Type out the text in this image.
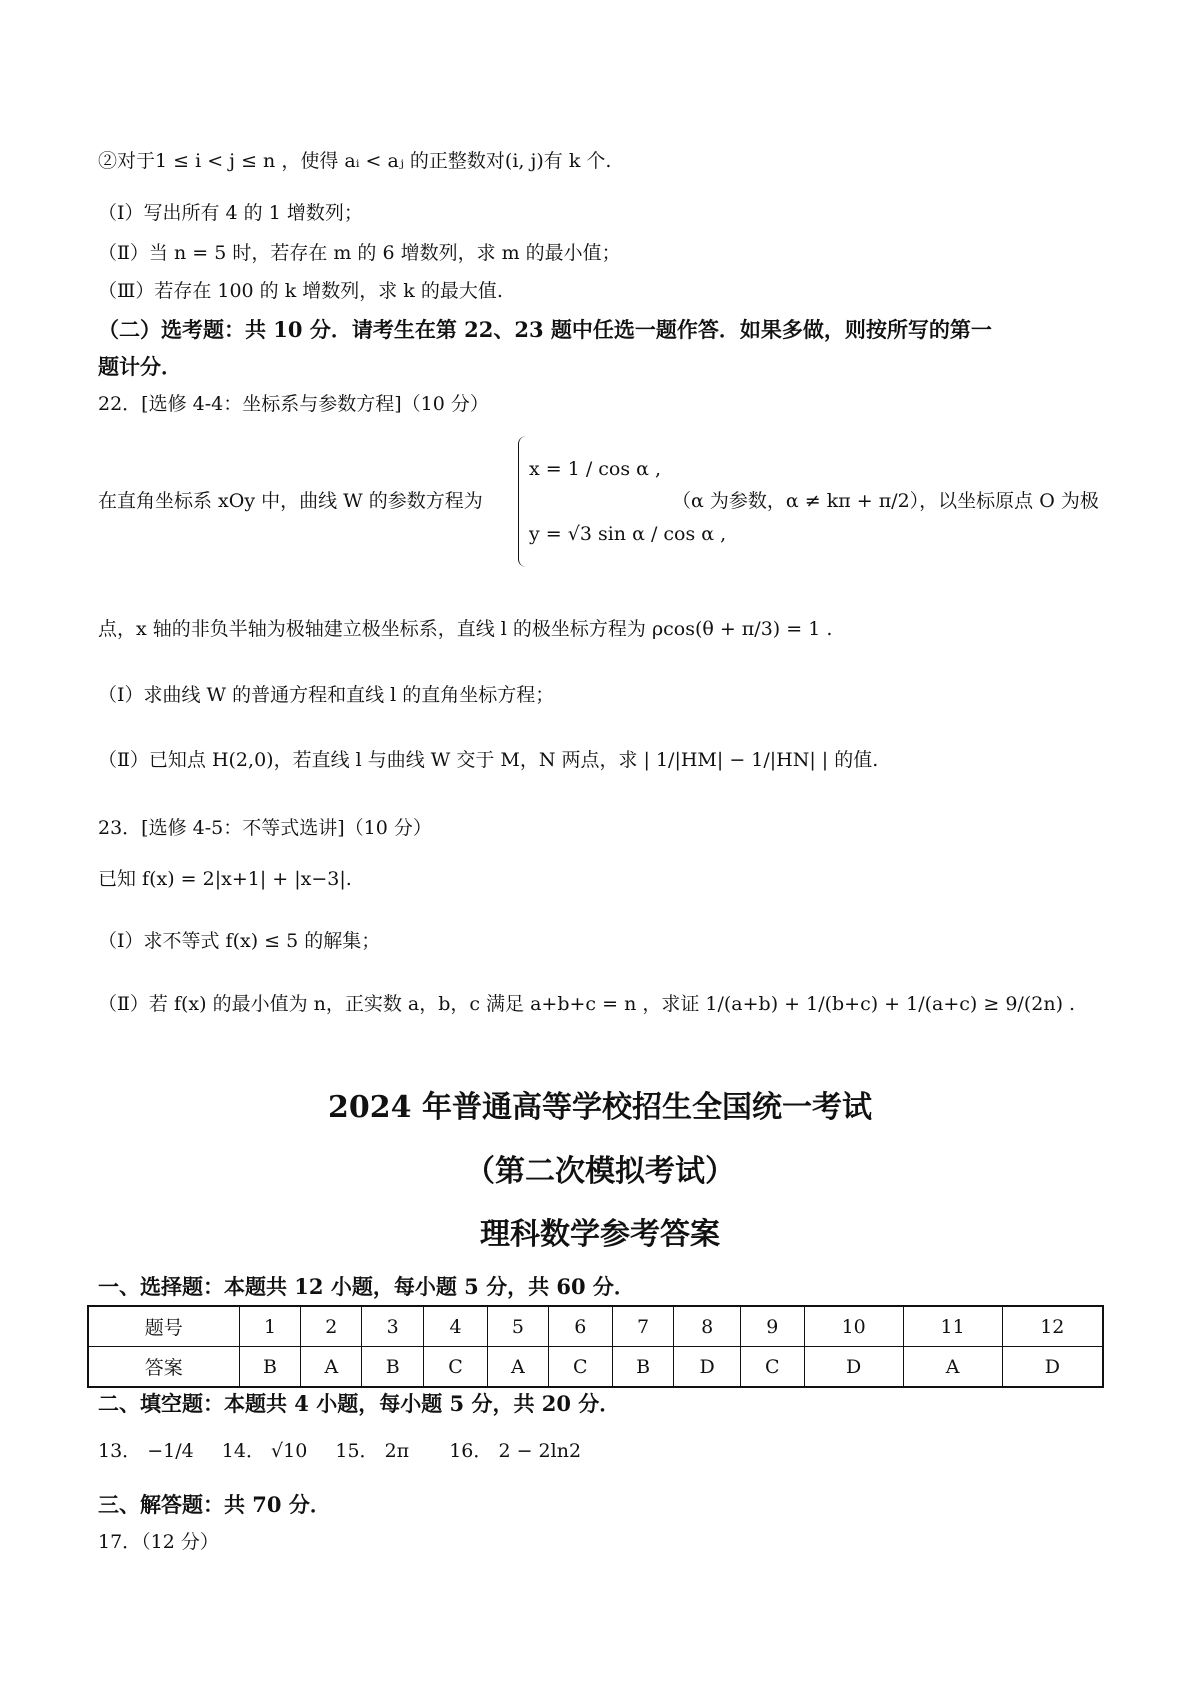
②对于1 ≤ i < j ≤ n ，使得 aᵢ < aⱼ 的正整数对(i, j)有 k 个.
（Ⅰ）写出所有 4 的 1 增数列；
（Ⅱ）当 n = 5 时，若存在 m 的 6 增数列，求 m 的最小值；
（Ⅲ）若存在 100 的 k 增数列，求 k 的最大值.
（二）选考题：共 10 分．请考生在第 22、23 题中任选一题作答．如果多做，则按所写的第一
题计分．
22．[选修 4-4：坐标系与参数方程]（10 分）
在直角坐标系 xOy 中，曲线 W 的参数方程为
x = 1 / cos α ,
y = √3 sin α / cos α ,
（α 为参数，α ≠ kπ + π/2），以坐标原点 O 为极
点，x 轴的非负半轴为极轴建立极坐标系，直线 l 的极坐标方程为 ρcos(θ + π/3) = 1 .
（Ⅰ）求曲线 W 的普通方程和直线 l 的直角坐标方程；
（Ⅱ）已知点 H(2,0)，若直线 l 与曲线 W 交于 M，N 两点，求 | 1/|HM| − 1/|HN| | 的值.
23．[选修 4-5：不等式选讲]（10 分）
已知 f(x) = 2|x+1| + |x−3|.
（Ⅰ）求不等式 f(x) ≤ 5 的解集；
（Ⅱ）若 f(x) 的最小值为 n，正实数 a，b，c 满足 a+b+c = n ，求证 1/(a+b) + 1/(b+c) + 1/(a+c) ≥ 9/(2n) .
2024 年普通高等学校招生全国统一考试
（第二次模拟考试）
理科数学参考答案
一、选择题：本题共 12 小题，每小题 5 分，共 60 分．
题号	1	2	3	4	5	6	7	8	9	10	11	12
答案	B	A	B	C	A	C	B	D	C	D	A	D
二、填空题：本题共 4 小题，每小题 5 分，共 20 分．
13． −1/4 14． √10 15． 2π 16． 2 − 2ln2
三、解答题：共 70 分．
17．（12 分）
